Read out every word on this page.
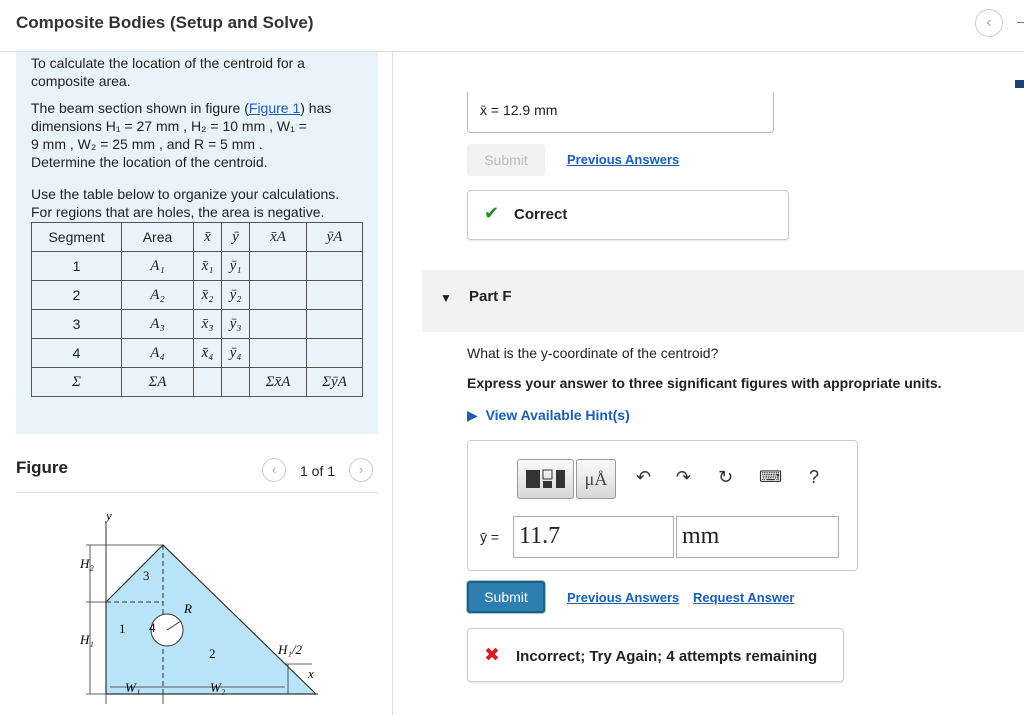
Composite Bodies (Setup and Solve)	‹

To calculate the location of the centroid for a composite area.

The beam section shown in figure (Figure 1) has
dimensions H₁ = 27 mm , H₂ = 10 mm , W₁ =
9 mm , W₂ = 25 mm , and R = 5 mm .
Determine the location of the centroid.

Use the table below to organize your calculations. For regions that are holes, the area is negative.

Segment	Area	x̄	ȳ	x̄A	ȳA
1	A₁	x̄₁	ȳ₁		
2	A₂	x̄₂	ȳ₂		
3	A₃	x̄₃	ȳ₃		
4	A₄	x̄₄	ȳ₄		
Σ	ΣA			Σx̄A	ΣȳA
Figure	‹	1 of 1	›
y
x
H₂
H₁
H₁/2
R
W₁	W₂
1
2
3
4
x̄ = 12.9 mm
Submit	Previous Answers
✔ Correct
▼ Part F
What is the y-coordinate of the centroid?
Express your answer to three significant figures with appropriate units.
▶ View Available Hint(s)
μÅ	↶ ↷ ↻ ⌨ ?
ȳ = 11.7	mm
Submit	Previous Answers Request Answer
✖ Incorrect; Try Again; 4 attempts remaining
